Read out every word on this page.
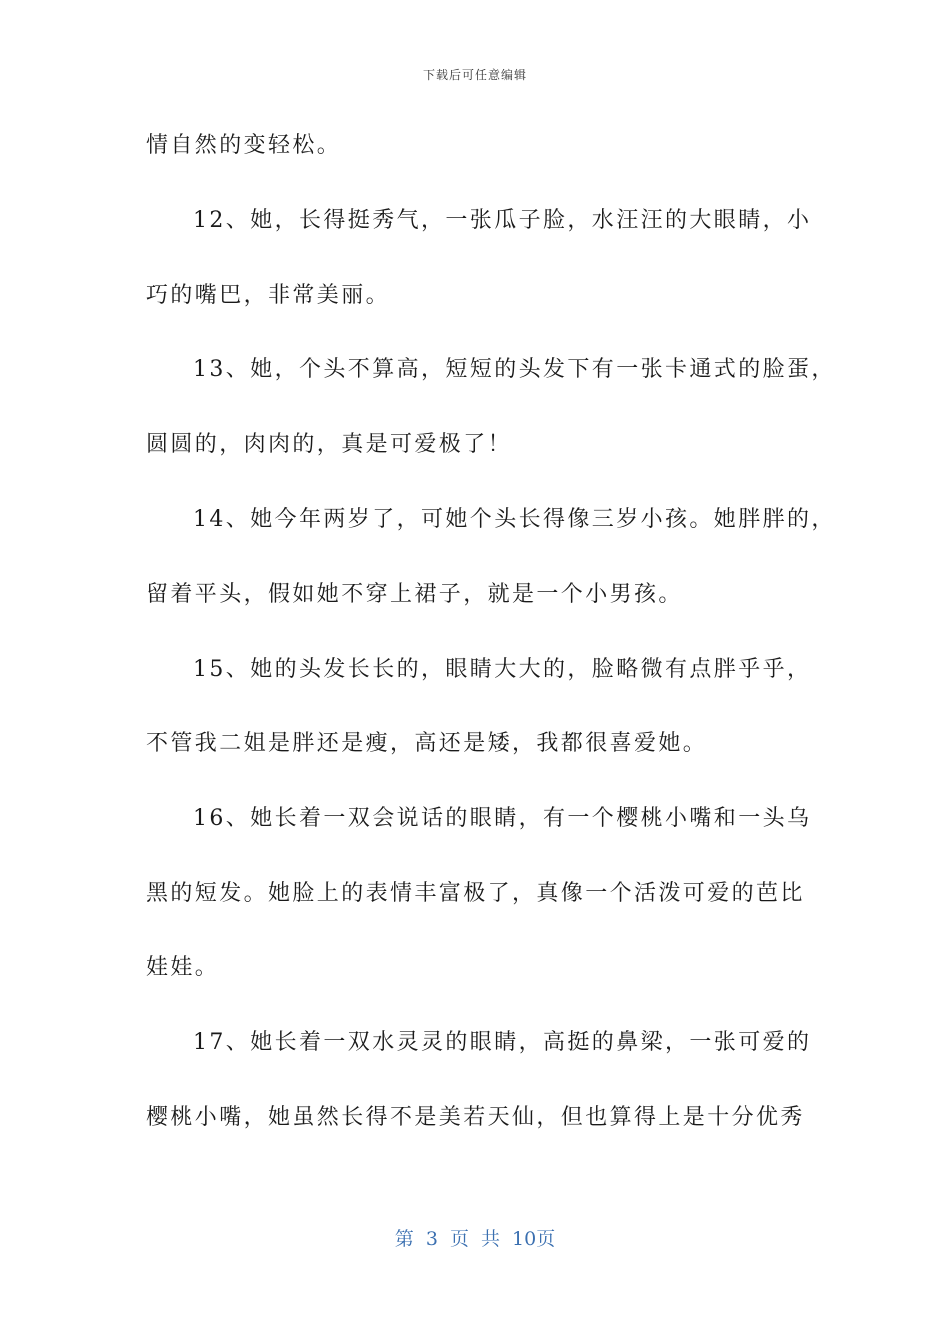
下载后可任意编辑
情自然的变轻松。
12、她，长得挺秀气，一张瓜子脸，水汪汪的大眼睛，小
巧的嘴巴，非常美丽。
13、她，个头不算高，短短的头发下有一张卡通式的脸蛋，
圆圆的，肉肉的，真是可爱极了！
14、她今年两岁了，可她个头长得像三岁小孩。她胖胖的，
留着平头，假如她不穿上裙子，就是一个小男孩。
15、她的头发长长的，眼睛大大的，脸略微有点胖乎乎，
不管我二姐是胖还是瘦，高还是矮，我都很喜爱她。
16、她长着一双会说话的眼睛，有一个樱桃小嘴和一头乌
黑的短发。她脸上的表情丰富极了，真像一个活泼可爱的芭比
娃娃。
17、她长着一双水灵灵的眼睛，高挺的鼻梁，一张可爱的
樱桃小嘴，她虽然长得不是美若天仙，但也算得上是十分优秀
第 3 页 共 10页
